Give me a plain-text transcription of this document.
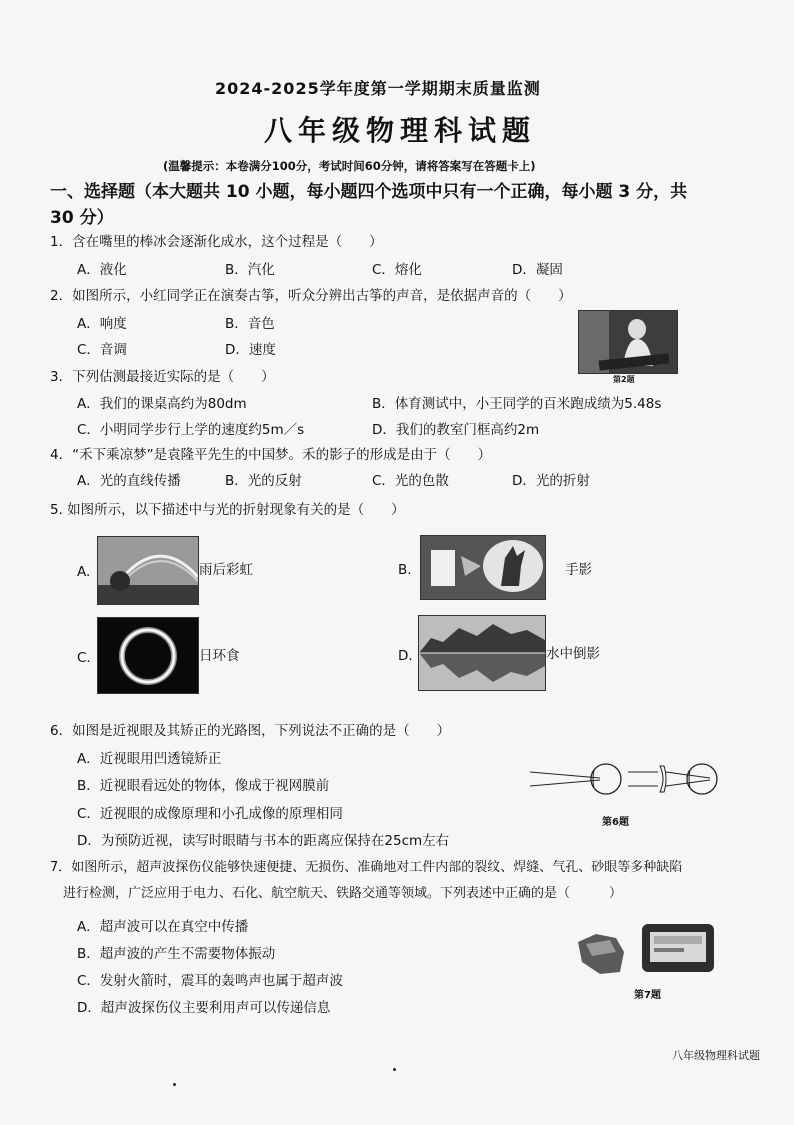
2024-2025学年度第一学期期末质量监测
八年级物理科试题
(温馨提示：本卷满分100分，考试时间60分钟，请将答案写在答题卡上)
一、选择题（本大题共 10 小题，每小题四个选项中只有一个正确，每小题 3 分，共
30 分）
1．含在嘴里的棒冰会逐渐化成水，这个过程是（　　）
A．液化	B．汽化	C．熔化	D．凝固
2．如图所示，小红同学正在演奏古筝，听众分辨出古筝的声音，是依据声音的（　　）
A．响度	B．音色
C．音调	D．速度
第2题
3．下列估测最接近实际的是（　　）
A．我们的课桌高约为80dm	B．体育测试中，小王同学的百米跑成绩为5.48s
C．小明同学步行上学的速度约5m／s	D．我们的教室门框高约2m
4．“禾下乘凉梦”是袁隆平先生的中国梦。禾的影子的形成是由于（　　）
A．光的直线传播	B．光的反射	C．光的色散	D．光的折射
5. 如图所示，以下描述中与光的折射现象有关的是（　　）
A.	雨后彩虹	B.	手影
C.	日环食	D.	水中倒影
6．如图是近视眼及其矫正的光路图，下列说法不正确的是（　　）
A．近视眼用凹透镜矫正
B．近视眼看远处的物体，像成于视网膜前
C．近视眼的成像原理和小孔成像的原理相同
D．为预防近视，读写时眼睛与书本的距离应保持在25cm左右
第6题
7．如图所示，超声波探伤仪能够快速便捷、无损伤、准确地对工件内部的裂纹、焊缝、气孔、砂眼等多种缺陷
进行检测，广泛应用于电力、石化、航空航天、铁路交通等领域。下列表述中正确的是（　　　）
A．超声波可以在真空中传播
B．超声波的产生不需要物体振动
C．发射火箭时，震耳的轰鸣声也属于超声波
D．超声波探伤仪主要利用声可以传递信息
第7题
八年级物理科试题
